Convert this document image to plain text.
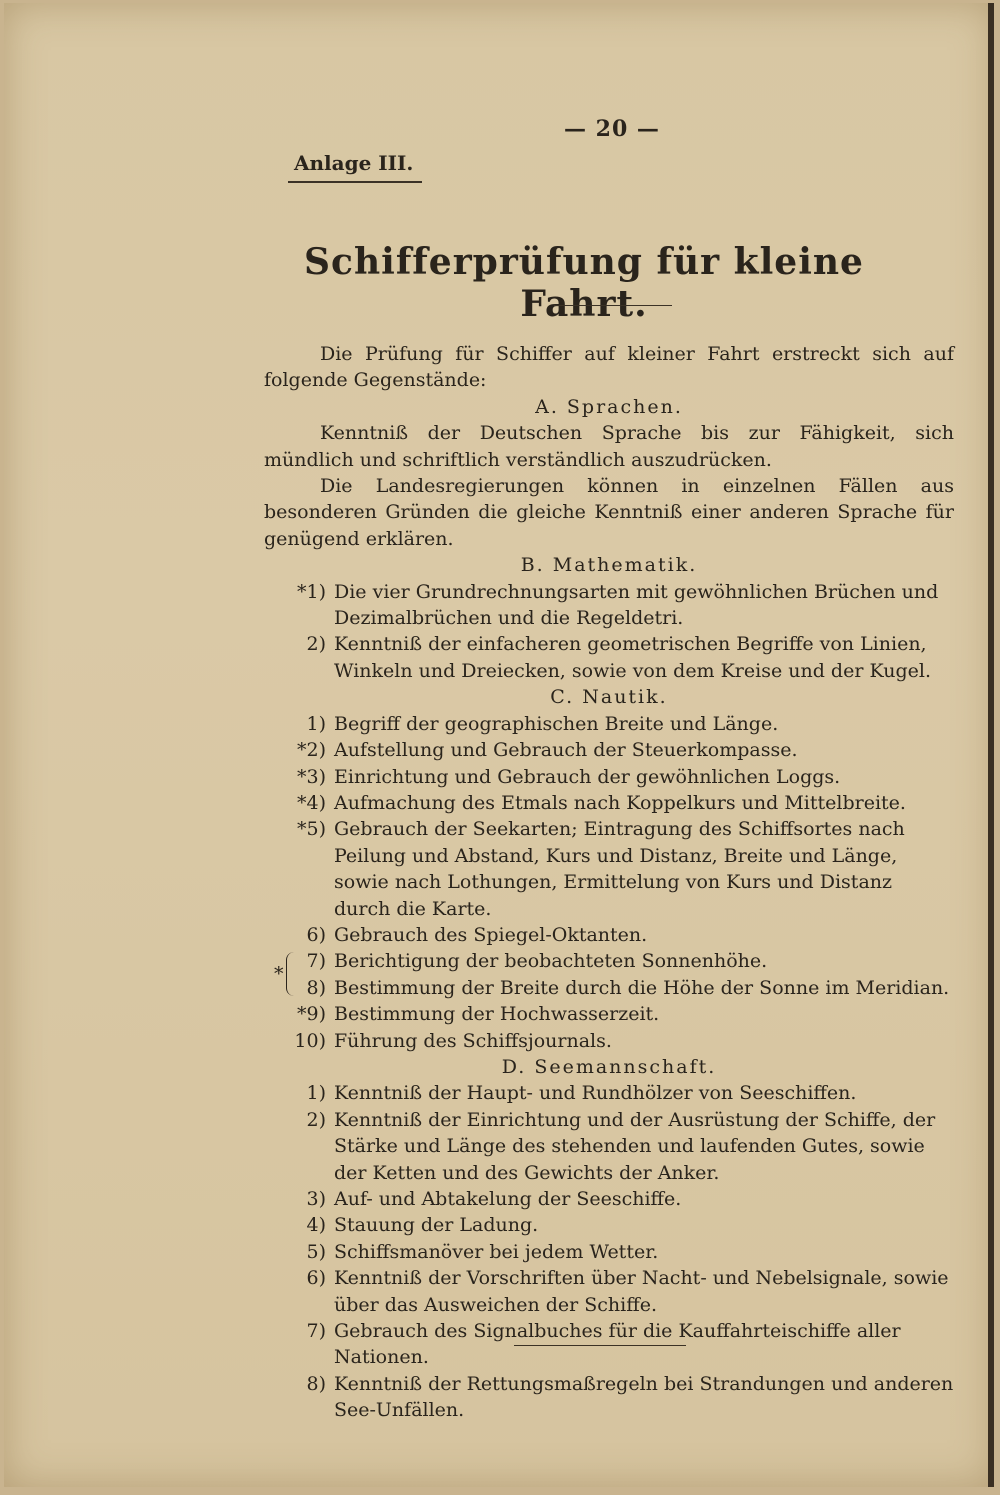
— 20 —
Anlage III.
Schifferprüfung für kleine Fahrt.

Die Prüfung für Schiffer auf kleiner Fahrt erstreckt sich auf folgende Gegenstände:

A. Sprachen.

Kenntniß der Deutschen Sprache bis zur Fähigkeit, sich mündlich und schriftlich verständlich auszudrücken.

Die Landesregierungen können in einzelnen Fällen aus besonderen Gründen die gleiche Kenntniß einer anderen Sprache für genügend erklären.

B. Mathematik.

*1) Die vier Grundrechnungsarten mit gewöhnlichen Brüchen und Dezimalbrüchen und die Regeldetri.
2) Kenntniß der einfacheren geometrischen Begriffe von Linien, Winkeln und Dreiecken, sowie von dem Kreise und der Kugel.

C. Nautik.

1) Begriff der geographischen Breite und Länge.
*2) Aufstellung und Gebrauch der Steuerkompasse.
*3) Einrichtung und Gebrauch der gewöhnlichen Loggs.
*4) Aufmachung des Etmals nach Koppelkurs und Mittelbreite.
*5) Gebrauch der Seekarten; Eintragung des Schiffsortes nach Peilung und Abstand, Kurs und Distanz, Breite und Länge, sowie nach Lothungen, Ermittelung von Kurs und Distanz durch die Karte.
6) Gebrauch des Spiegel-Oktanten.
*
7)
8)
Berichtigung der beobachteten Sonnenhöhe.
Bestimmung der Breite durch die Höhe der Sonne im Meridian.
*9) Bestimmung der Hochwasserzeit.
10) Führung des Schiffsjournals.

D. Seemannschaft.

1) Kenntniß der Haupt- und Rundhölzer von Seeschiffen.
2) Kenntniß der Einrichtung und der Ausrüstung der Schiffe, der Stärke und Länge des stehenden und laufenden Gutes, sowie der Ketten und des Gewichts der Anker.
3) Auf- und Abtakelung der Seeschiffe.
4) Stauung der Ladung.
5) Schiffsmanöver bei jedem Wetter.
6) Kenntniß der Vorschriften über Nacht- und Nebelsignale, sowie über das Ausweichen der Schiffe.
7) Gebrauch des Signalbuches für die Kauffahrteischiffe aller Nationen.
8) Kenntniß der Rettungsmaßregeln bei Strandungen und anderen See-Unfällen.
